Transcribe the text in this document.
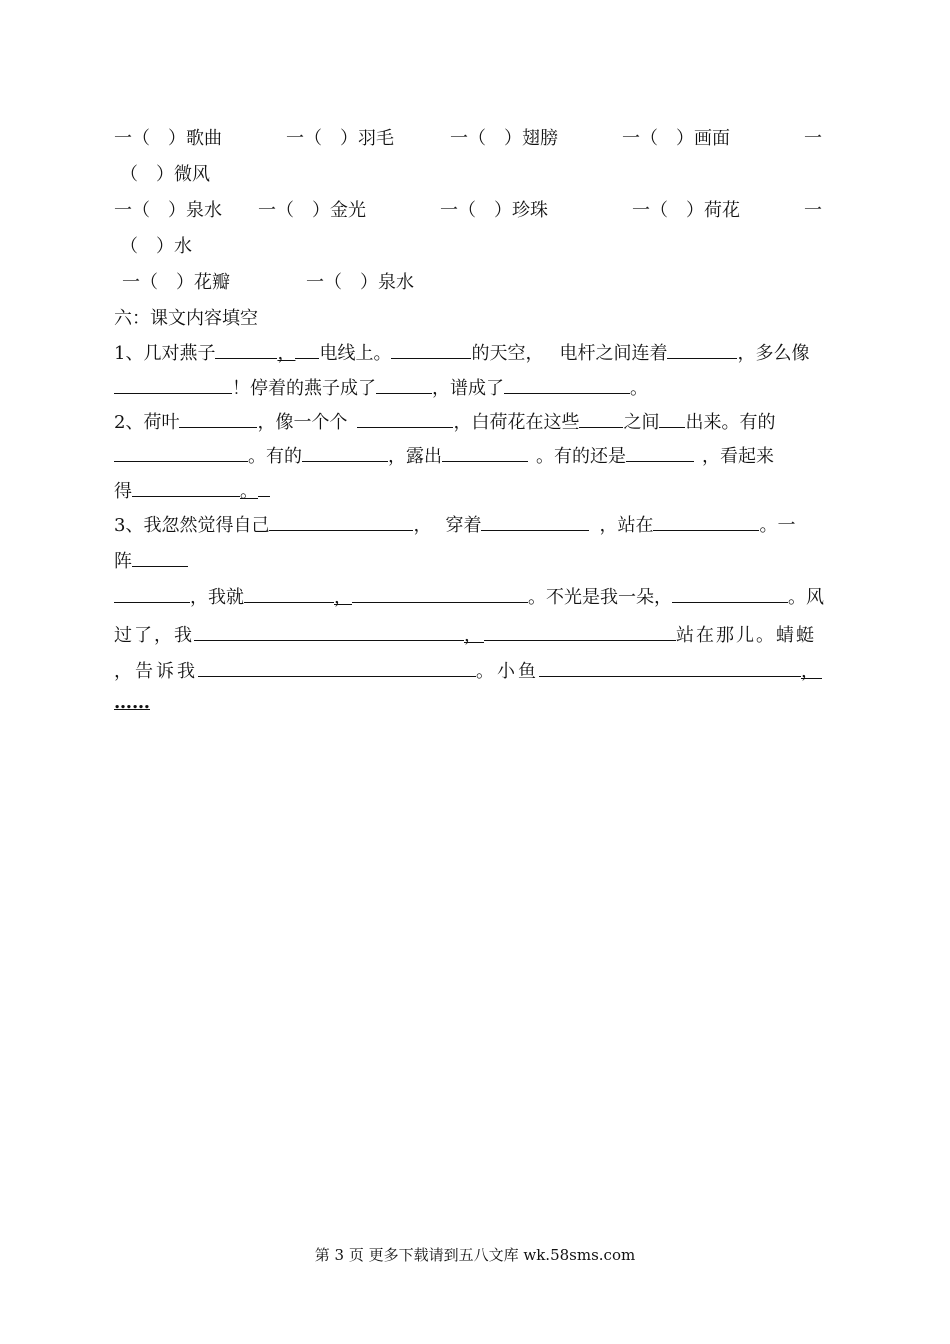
一（　）歌曲	一（　）羽毛	一（　）翅膀	一（　）画面	一
（　）微风
一（　）泉水 一（　）金光	一（　）珍珠	一（　）荷花	一
（　）水
一（　）花瓣	一（　）泉水
六：课文内容填空
1、几对燕子	， 电线上。	的天空， 电杆之间连着	，多么像
！停着的燕子成了	，谱成了	。
2、荷叶	，像一个个	，白荷花在这些 之间 出来。有的
。有的	，露出	。有的还是	，看起来
得	。
3、我忽然觉得自己	， 穿着	，站在	。一
阵
，我就	，	。不光是我一朵，	。风
过了，我	，	站在那儿。蜻蜓
，告诉我	。小鱼	，
……
第 3 页 更多下载请到五八文库 wk.58sms.com
